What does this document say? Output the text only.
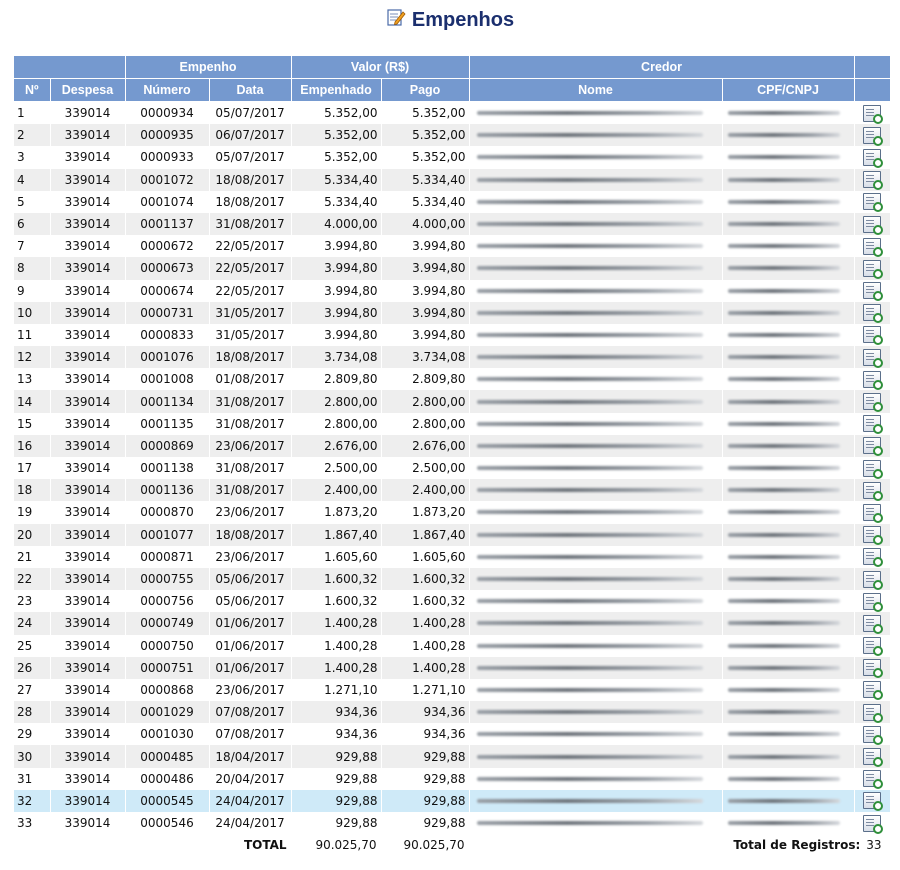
Empenhos
		Empenho		Valor (R$)		Credor		
Nº	Despesa	Número	Data	Empenhado	Pago	Nome	CPF/CNPJ	
1	339014	0000934	05/07/2017	5.352,00	5.352,00	

2	339014	0000935	06/07/2017	5.352,00	5.352,00	

3	339014	0000933	05/07/2017	5.352,00	5.352,00	

4	339014	0001072	18/08/2017	5.334,40	5.334,40	

5	339014	0001074	18/08/2017	5.334,40	5.334,40	

6	339014	0001137	31/08/2017	4.000,00	4.000,00	

7	339014	0000672	22/05/2017	3.994,80	3.994,80	

8	339014	0000673	22/05/2017	3.994,80	3.994,80	

9	339014	0000674	22/05/2017	3.994,80	3.994,80	

10	339014	0000731	31/05/2017	3.994,80	3.994,80	

11	339014	0000833	31/05/2017	3.994,80	3.994,80	

12	339014	0001076	18/08/2017	3.734,08	3.734,08	

13	339014	0001008	01/08/2017	2.809,80	2.809,80	

14	339014	0001134	31/08/2017	2.800,00	2.800,00	

15	339014	0001135	31/08/2017	2.800,00	2.800,00	

16	339014	0000869	23/06/2017	2.676,00	2.676,00	

17	339014	0001138	31/08/2017	2.500,00	2.500,00	

18	339014	0001136	31/08/2017	2.400,00	2.400,00	

19	339014	0000870	23/06/2017	1.873,20	1.873,20	

20	339014	0001077	18/08/2017	1.867,40	1.867,40	

21	339014	0000871	23/06/2017	1.605,60	1.605,60	

22	339014	0000755	05/06/2017	1.600,32	1.600,32	

23	339014	0000756	05/06/2017	1.600,32	1.600,32	

24	339014	0000749	01/06/2017	1.400,28	1.400,28	

25	339014	0000750	01/06/2017	1.400,28	1.400,28	

26	339014	0000751	01/06/2017	1.400,28	1.400,28	

27	339014	0000868	23/06/2017	1.271,10	1.271,10	

28	339014	0001029	07/08/2017	934,36	934,36	

29	339014	0001030	07/08/2017	934,36	934,36	

30	339014	0000485	18/04/2017	929,88	929,88	

31	339014	0000486	20/04/2017	929,88	929,88	

32	339014	0000545	24/04/2017	929,88	929,88	

33	339014	0000546	24/04/2017	929,88	929,88	

TOTAL				90.025,70	90.025,70	Total de Registros: 33		
